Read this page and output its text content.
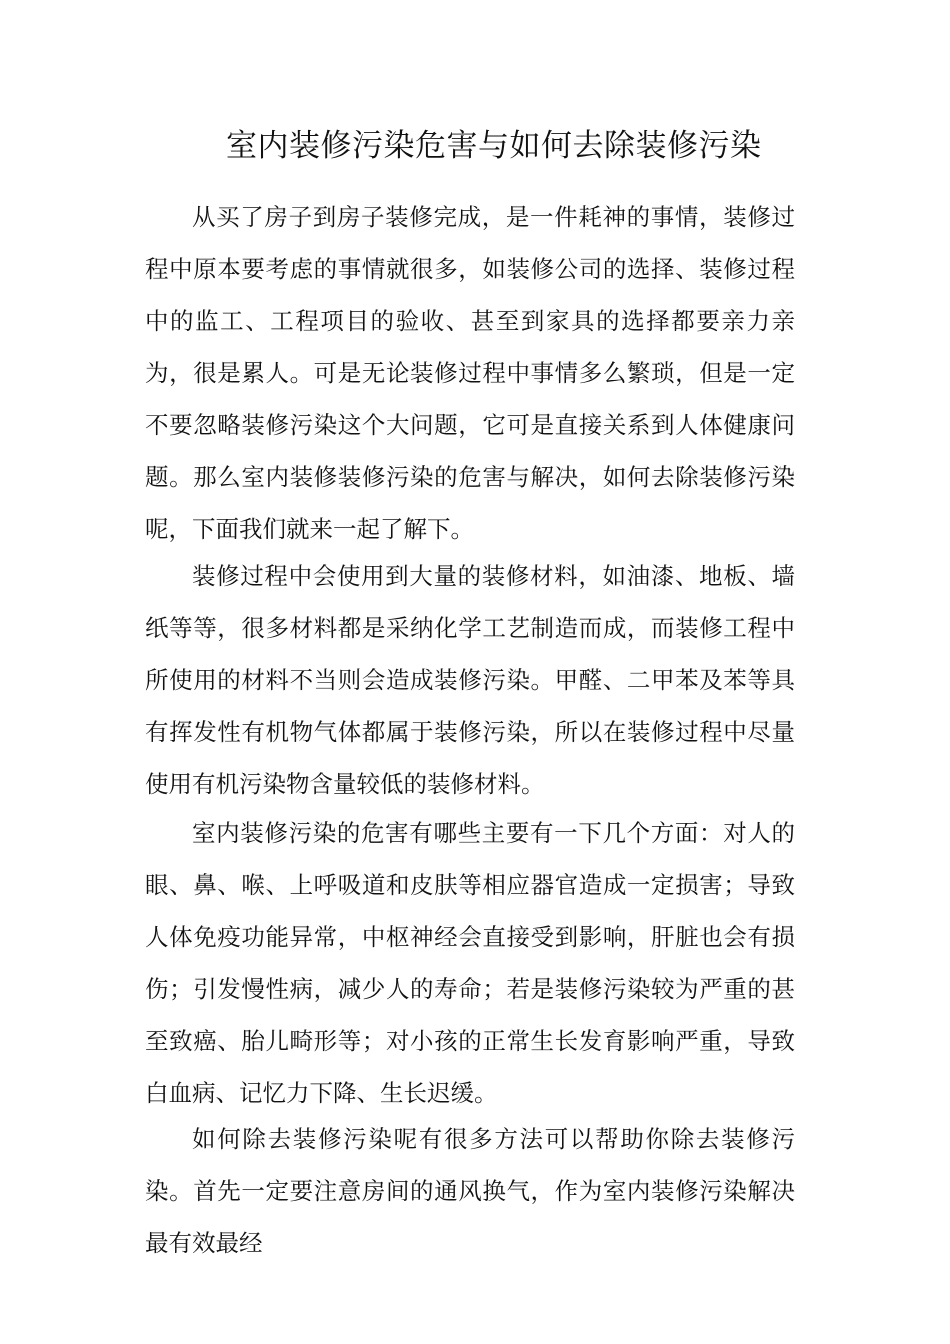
室内装修污染危害与如何去除装修污染

从买了房子到房子装修完成，是一件耗神的事情，装修过程中原本要考虑的事情就很多，如装修公司的选择、装修过程中的监工、工程项目的验收、甚至到家具的选择都要亲力亲为，很是累人。可是无论装修过程中事情多么繁琐，但是一定不要忽略装修污染这个大问题，它可是直接关系到人体健康问题。那么室内装修装修污染的危害与解决，如何去除装修污染呢，下面我们就来一起了解下。

装修过程中会使用到大量的装修材料，如油漆、地板、墙纸等等，很多材料都是采纳化学工艺制造而成，而装修工程中所使用的材料不当则会造成装修污染。甲醛、二甲苯及苯等具有挥发性有机物气体都属于装修污染，所以在装修过程中尽量使用有机污染物含量较低的装修材料。

室内装修污染的危害有哪些主要有一下几个方面：对人的眼、鼻、喉、上呼吸道和皮肤等相应器官造成一定损害；导致人体免疫功能异常，中枢神经会直接受到影响，肝脏也会有损伤；引发慢性病，减少人的寿命；若是装修污染较为严重的甚至致癌、胎儿畸形等；对小孩的正常生长发育影响严重，导致白血病、记忆力下降、生长迟缓。

如何除去装修污染呢有很多方法可以帮助你除去装修污染。首先一定要注意房间的通风换气，作为室内装修污染解决最有效最经
